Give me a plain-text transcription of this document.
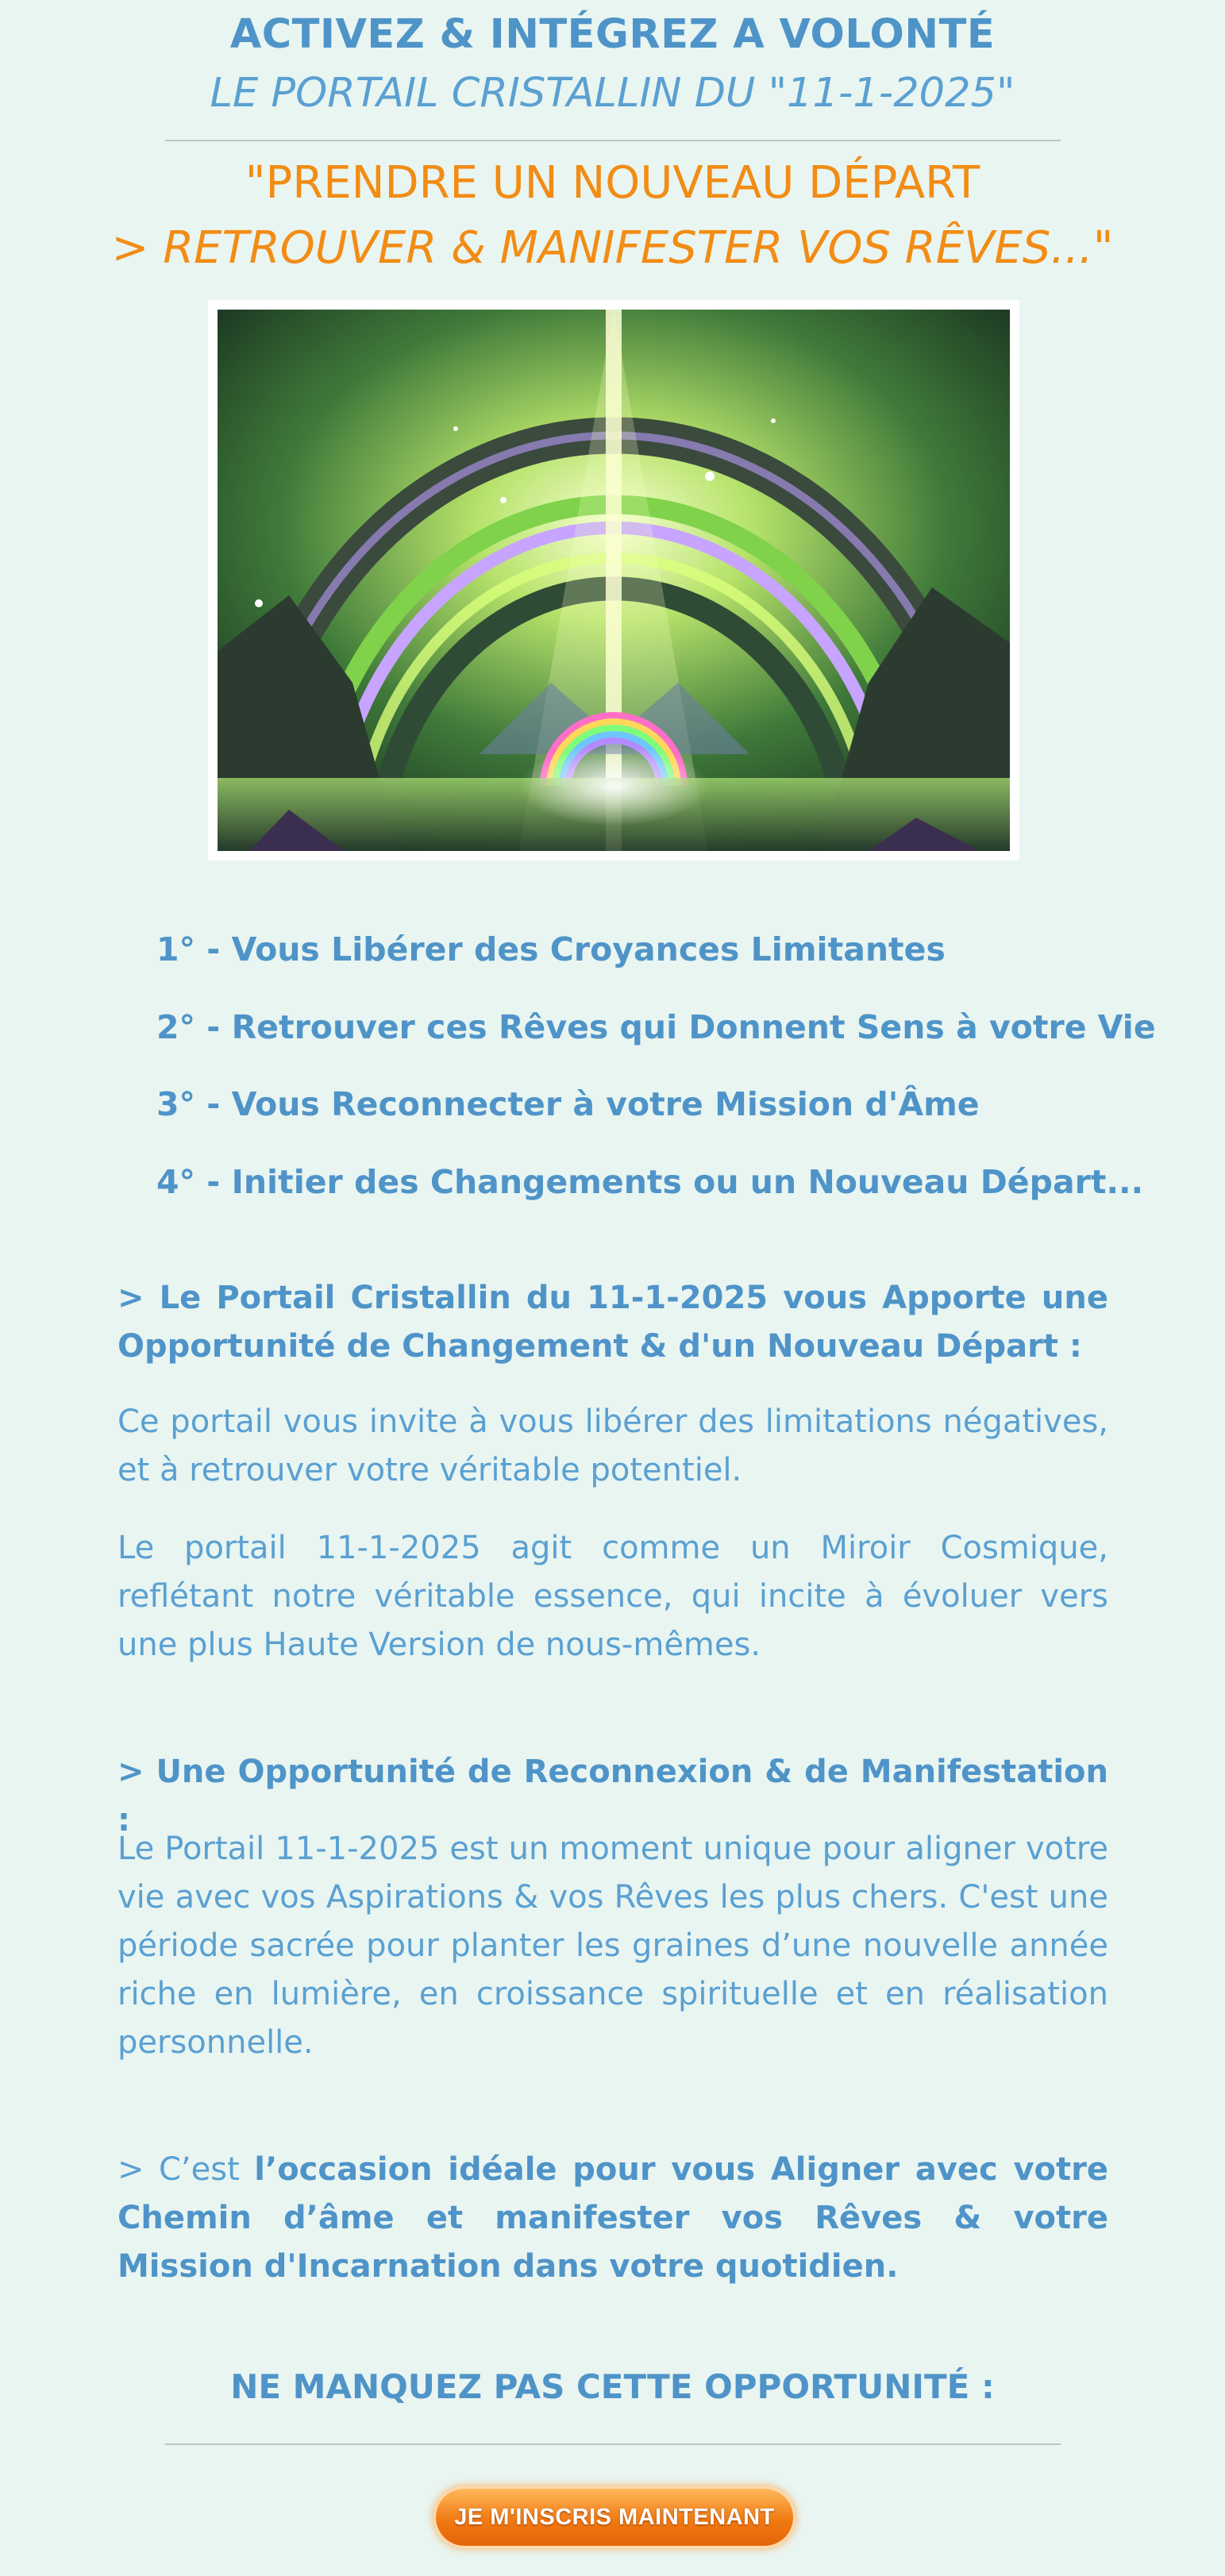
ACTIVEZ & INTÉGREZ A VOLONTÉ
LE PORTAIL CRISTALLIN DU "11-1-2025"
"PRENDRE UN NOUVEAU DÉPART
> RETROUVER & MANIFESTER VOS RÊVES..."
1° - Vous Libérer des Croyances Limitantes
2° - Retrouver ces Rêves qui Donnent Sens à votre Vie
3° - Vous Reconnecter à votre Mission d'Âme
4° - Initier des Changements ou un Nouveau Départ...

> Le Portail Cristallin du 11-1-2025 vous Apporte une Opportunité de Changement & d'un Nouveau Départ :

Ce portail vous invite à vous libérer des limitations négatives, et à retrouver votre véritable potentiel.

Le portail 11-1-2025 agit comme un Miroir Cosmique, reflétant notre véritable essence, qui incite à évoluer vers une plus Haute Version de nous-mêmes.

> Une Opportunité de Reconnexion & de Manifestation :

Le Portail 11-1-2025 est un moment unique pour aligner votre vie avec vos Aspirations & vos Rêves les plus chers. C'est une période sacrée pour planter les graines d’une nouvelle année riche en lumière, en croissance spirituelle et en réalisation personnelle.

> C’est l’occasion idéale pour vous Aligner avec votre Chemin d’âme et manifester vos Rêves & votre Mission d'Incarnation dans votre quotidien.

NE MANQUEZ PAS CETTE OPPORTUNITÉ :
JE M'INSCRIS MAINTENANT
